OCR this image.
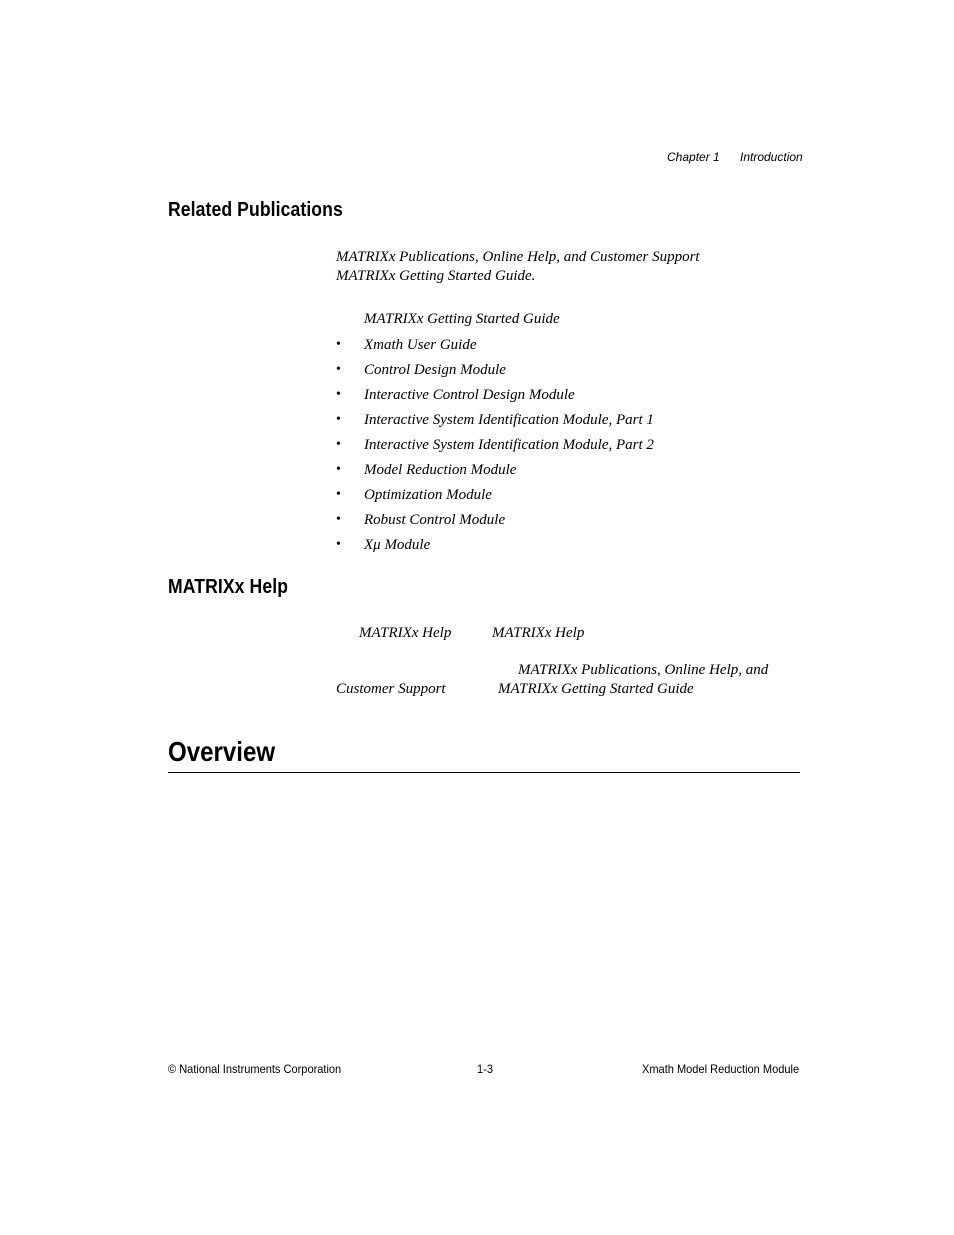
Chapter 1 Introduction
Related Publications
MATRIXx Publications, Online Help, and Customer Support
MATRIXx Getting Started Guide.
MATRIXx Getting Started Guide
• Xmath User Guide
• Control Design Module
• Interactive Control Design Module
• Interactive System Identification Module, Part 1
• Interactive System Identification Module, Part 2
• Model Reduction Module
• Optimization Module
• Robust Control Module
• Xμ Module
MATRIXx Help
MATRIXx Help	MATRIXx Help
MATRIXx Publications, Online Help, and
Customer Support	MATRIXx Getting Started Guide
Overview
© National Instruments Corporation	1-3	Xmath Model Reduction Module
